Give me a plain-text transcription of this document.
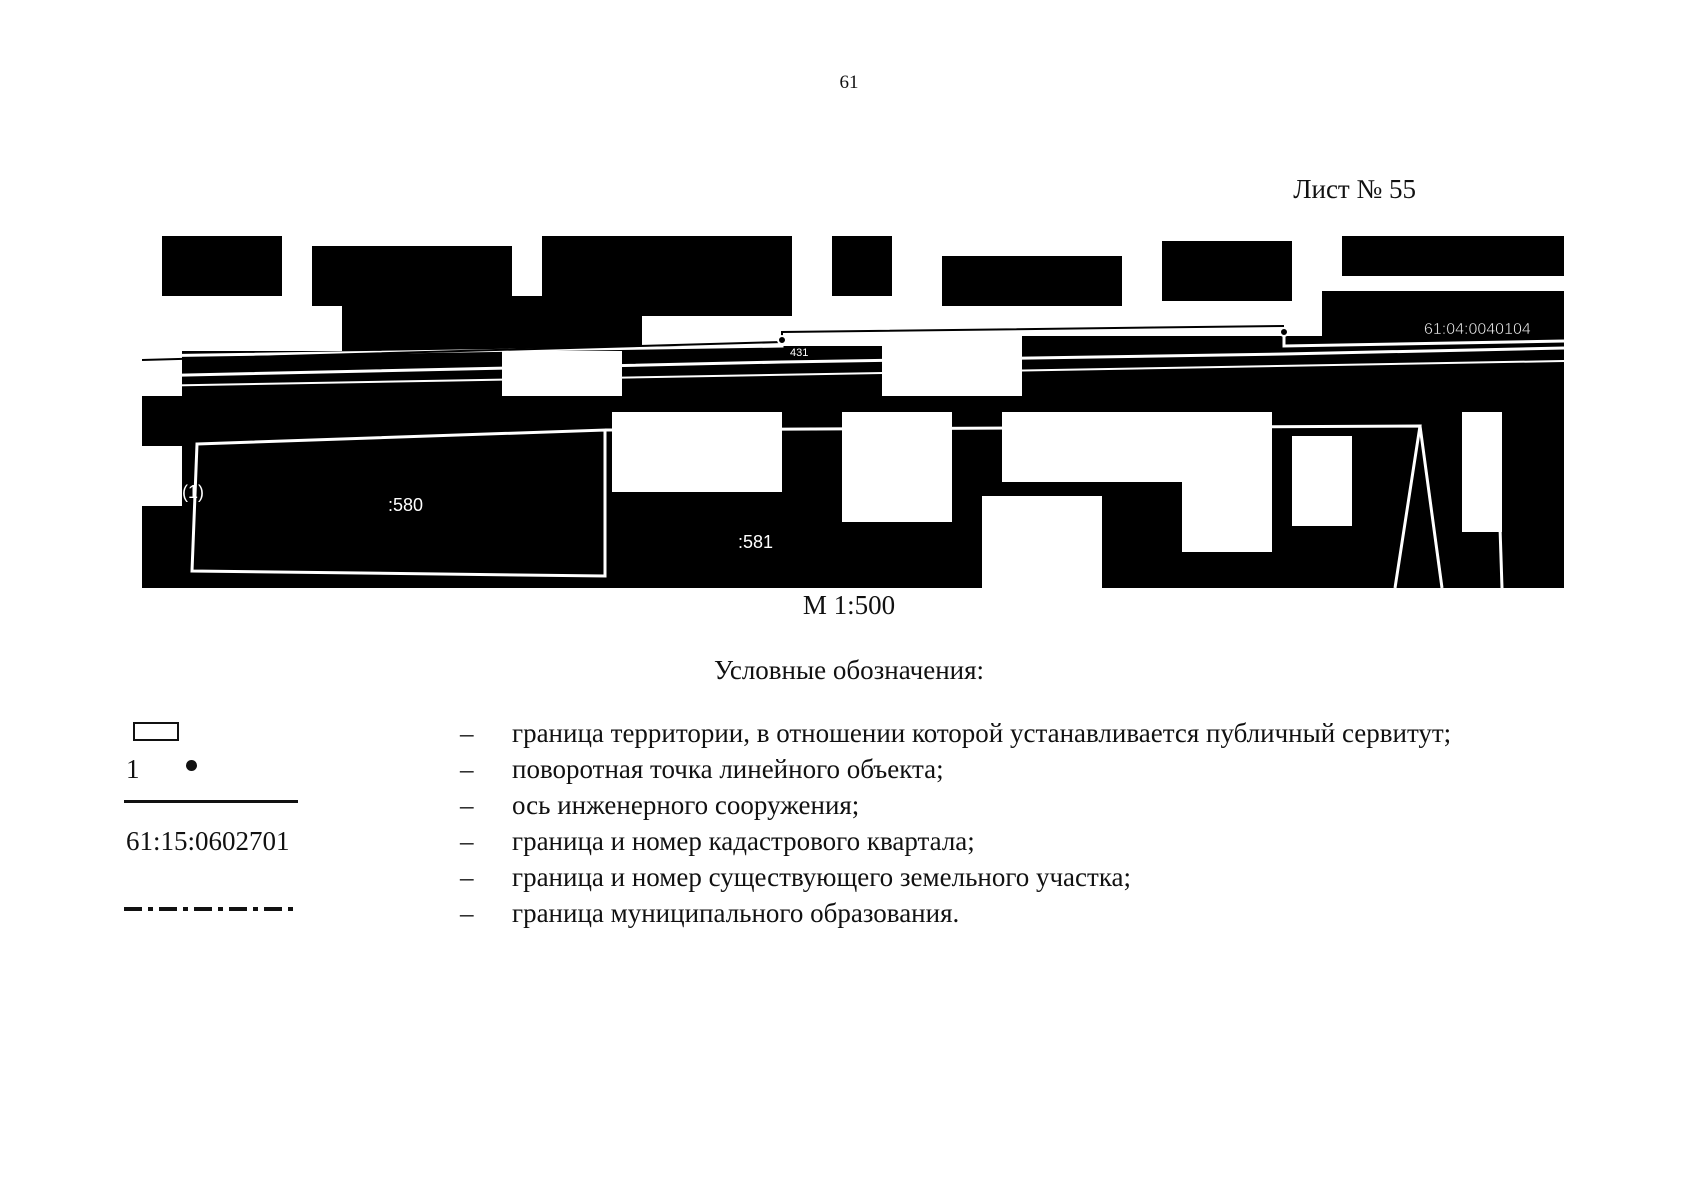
61
Лист № 55
:580
:581
61:04:0040104
3381(1)
430
431
435
М 1:500
Условные обозначения:
– граница территории, в отношении которой устанавливается публичный сервитут;
1	– поворотная точка линейного объекта;
– ось инженерного сооружения;
61:15:0602701	– граница и номер кадастрового квартала;
– граница и номер существующего земельного участка;
– граница муниципального образования.
